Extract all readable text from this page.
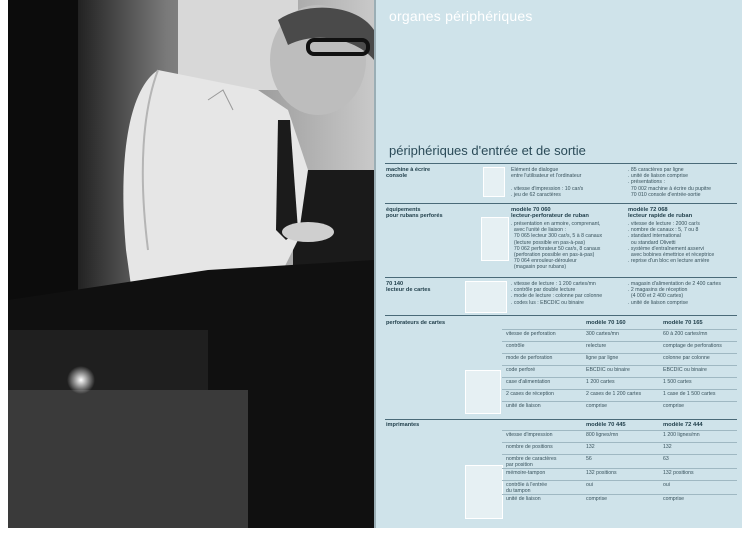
organes périphériques
périphériques d'entrée et de sortie
machine à écrire
console
Elément de dialogue
entre l'utilisateur et l'ordinateur

. vitesse d'impression : 10 car/s
. jeu de 62 caractères
. 85 caractères par ligne
. unité de liaison comprise
. présentations :
70 002 machine à écrire du pupitre
70 010 console d'entrée-sortie
équipements
pour rubans perforés
modèle 70 060
lecteur-perforateur de ruban
. présentation en armoire, comprenant,
avec l'unité de liaison :
70 065 lecteur 300 car/s, 5 à 8 canaux
(lecture possible en pas-à-pas)
70 062 perforateur 50 car/s, 8 canaux
(perforation possible en pas-à-pas)
70 064 enrouleur-dérouleur
(magasin pour rubans)
modèle 72 068
lecteur rapide de ruban
. vitesse de lecture : 2000 car/s
. nombre de canaux : 5, 7 ou 8
. standard international
ou standard Olivetti
. système d'entraînement asservi
avec bobines émettrice et réceptrice
. reprise d'un bloc en lecture arrière
70 140
lecteur de cartes
. vitesse de lecture : 1 200 cartes/mn
. contrôle par double lecture
. mode de lecture : colonne par colonne
. codes lus : EBCDIC ou binaire
. magasin d'alimentation de 2 400 cartes
. 2 magasins de réception
(4 000 et 2 400 cartes)
. unité de liaison comprise
perforateurs de cartes	modèle 70 160	modèle 70 165
vitesse de perforation	300 cartes/mn	60 à 200 cartes/mn
contrôle	relecture	comptage de perforations
mode de perforation	ligne par ligne	colonne par colonne
code perforé	EBCDIC ou binaire	EBCDIC ou binaire
case d'alimentation	1 200 cartes	1 500 cartes
2 cases de réception	2 cases de 1 200 cartes	1 case de 1 500 cartes
unité de liaison	comprise	comprise
imprimantes	modèle 70 445	modèle 72 444
vitesse d'impression	800 lignes/mn	1 200 lignes/mn
nombre de positions	132	132
nombre de caractères
par position
56	63
mémoire-tampon	132 positions	132 positions
contrôle à l'entrée
du tampon
oui	oui
unité de liaison	comprise	comprise
